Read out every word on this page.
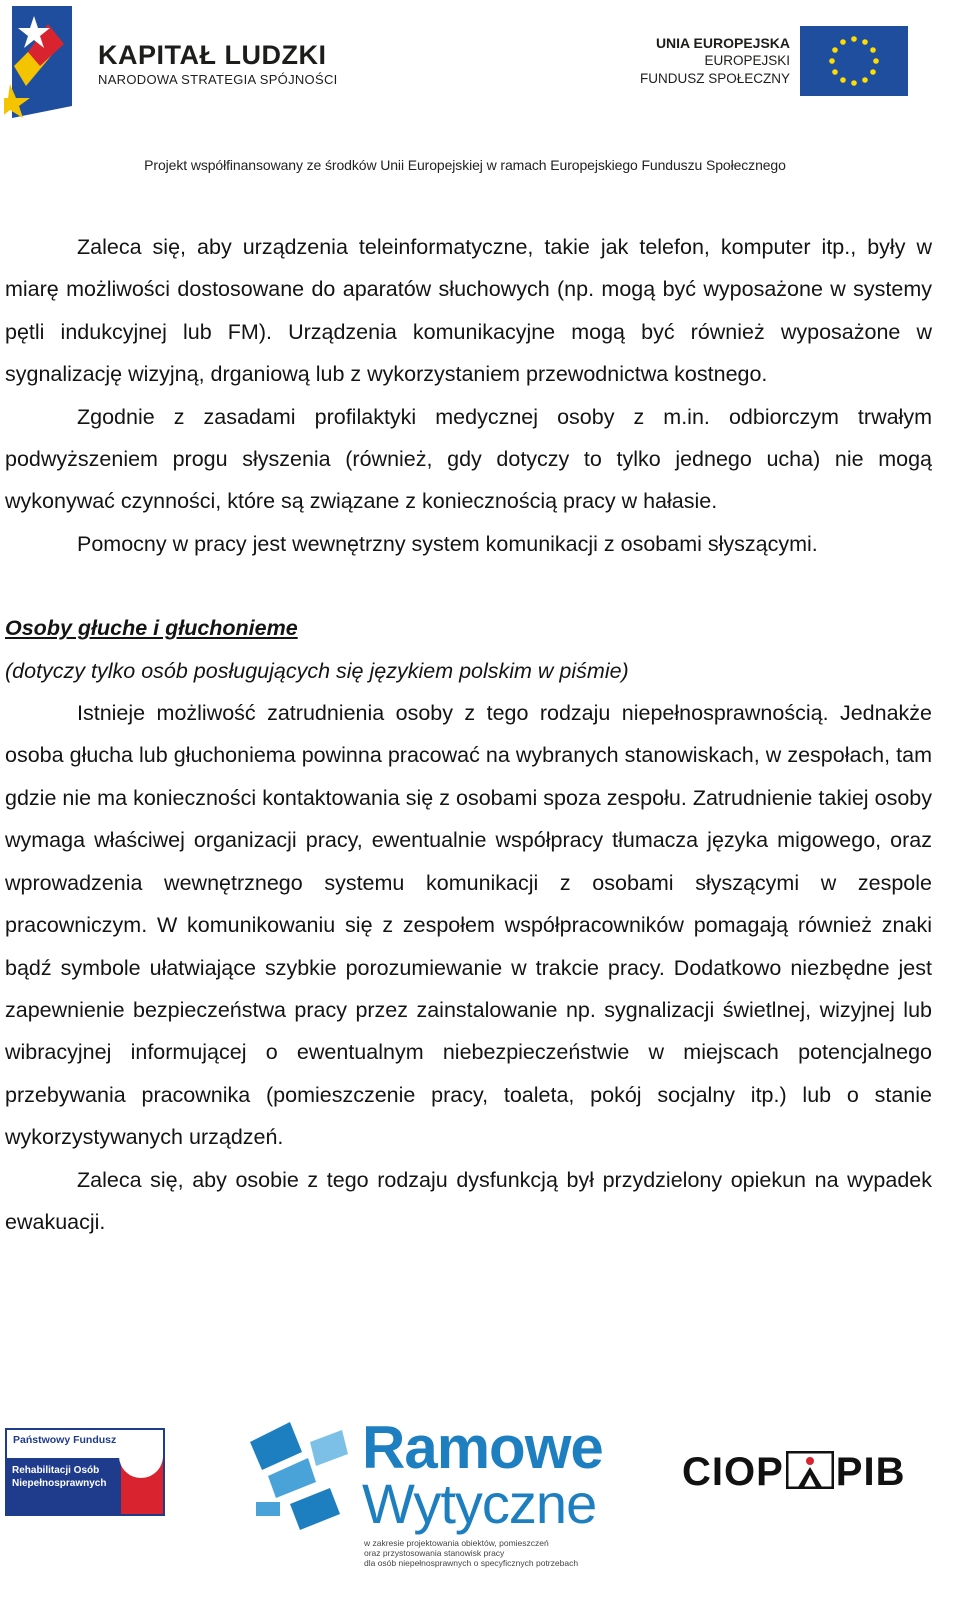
KAPITAŁ LUDZKI
NARODOWA STRATEGIA SPÓJNOŚCI
UNIA EUROPEJSKA
EUROPEJSKI
FUNDUSZ SPOŁECZNY
Projekt współfinansowany ze środków Unii Europejskiej w ramach Europejskiego Funduszu Społecznego

Zaleca się, aby urządzenia teleinformatyczne, takie jak telefon, komputer itp., były w miarę możliwości dostosowane do aparatów słuchowych (np. mogą być wyposażone w systemy pętli indukcyjnej lub FM). Urządzenia komunikacyjne mogą być również wyposażone w sygnalizację wizyjną, drganiową lub z wykorzystaniem przewodnictwa kostnego.

Zgodnie z zasadami profilaktyki medycznej osoby z m.in. odbiorczym trwałym podwyższeniem progu słyszenia (również, gdy dotyczy to tylko jednego ucha) nie mogą wykonywać czynności, które są związane z koniecznością pracy w hałasie.

Pomocny w pracy jest wewnętrzny system komunikacji z osobami słyszącymi.

Osoby głuche i głuchonieme

(dotyczy tylko osób posługujących się językiem polskim w piśmie)

Istnieje możliwość zatrudnienia osoby z tego rodzaju niepełnosprawnością. Jednakże osoba głucha lub głuchoniema powinna pracować na wybranych stanowiskach, w zespołach, tam gdzie nie ma konieczności kontaktowania się z osobami spoza zespołu. Zatrudnienie takiej osoby wymaga właściwej organizacji pracy, ewentualnie współpracy tłumacza języka migowego, oraz wprowadzenia wewnętrznego systemu komunikacji z osobami słyszącymi w zespole pracowniczym. W komunikowaniu się z zespołem współpracowników pomagają również znaki bądź symbole ułatwiające szybkie porozumiewanie w trakcie pracy. Dodatkowo niezbędne jest zapewnienie bezpieczeństwa pracy przez zainstalowanie np. sygnalizacji świetlnej, wizyjnej lub wibracyjnej informującej o ewentualnym niebezpieczeństwie w miejscach potencjalnego przebywania pracownika (pomieszczenie pracy, toaleta, pokój socjalny itp.) lub o stanie wykorzystywanych urządzeń.

Zaleca się, aby osobie z tego rodzaju dysfunkcją był przydzielony opiekun na wypadek ewakuacji.

Państwowy Fundusz
Rehabilitacji Osób
Niepełnosprawnych
Ramowe
Wytyczne
w zakresie projektowania obiektów, pomieszczeń
oraz przystosowania stanowisk pracy
dla osób niepełnosprawnych o specyficznych potrzebach
CIOP PIB
